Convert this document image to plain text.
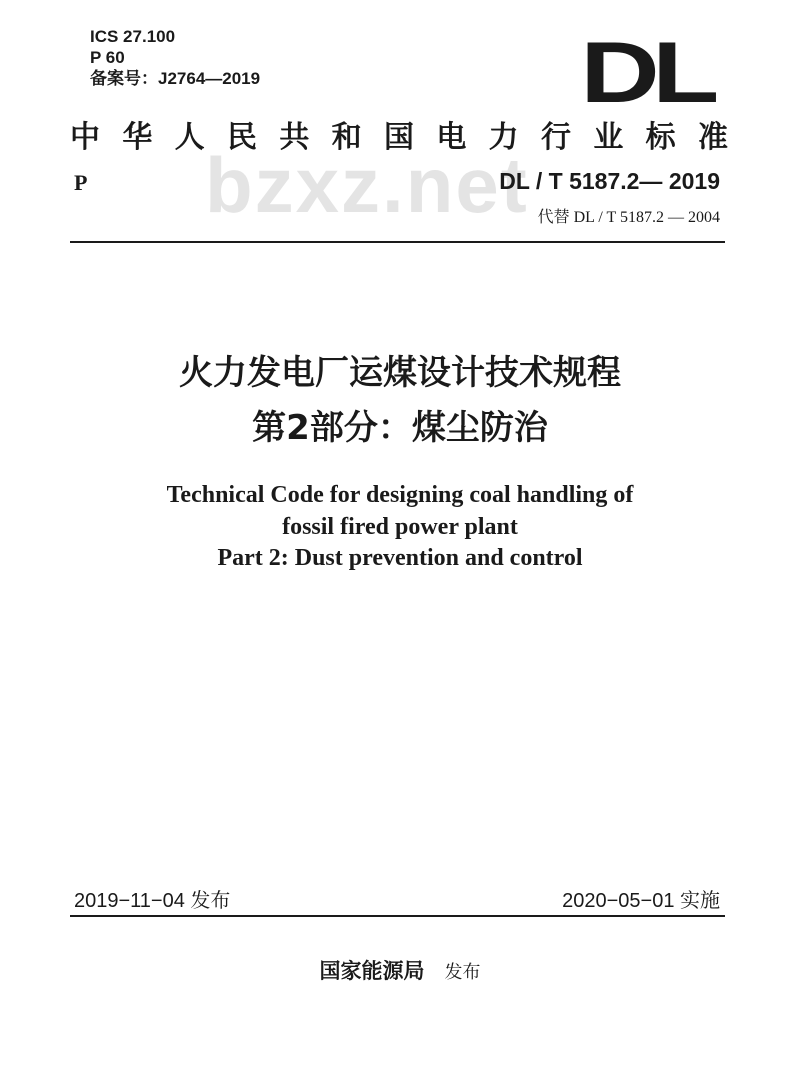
ICS 27.100
P 60
备案号：J2764—2019	DL
中华人民共和国电力行业标准
bzxz.net
P	DL / T 5187.2— 2019
代替 DL / T 5187.2 — 2004
火力发电厂运煤设计技术规程
第2部分：煤尘防治
Technical Code for designing coal handling of
fossil fired power plant
Part 2: Dust prevention and control
2019−11−04 发布	2020−05−01 实施
国家能源局 发布
